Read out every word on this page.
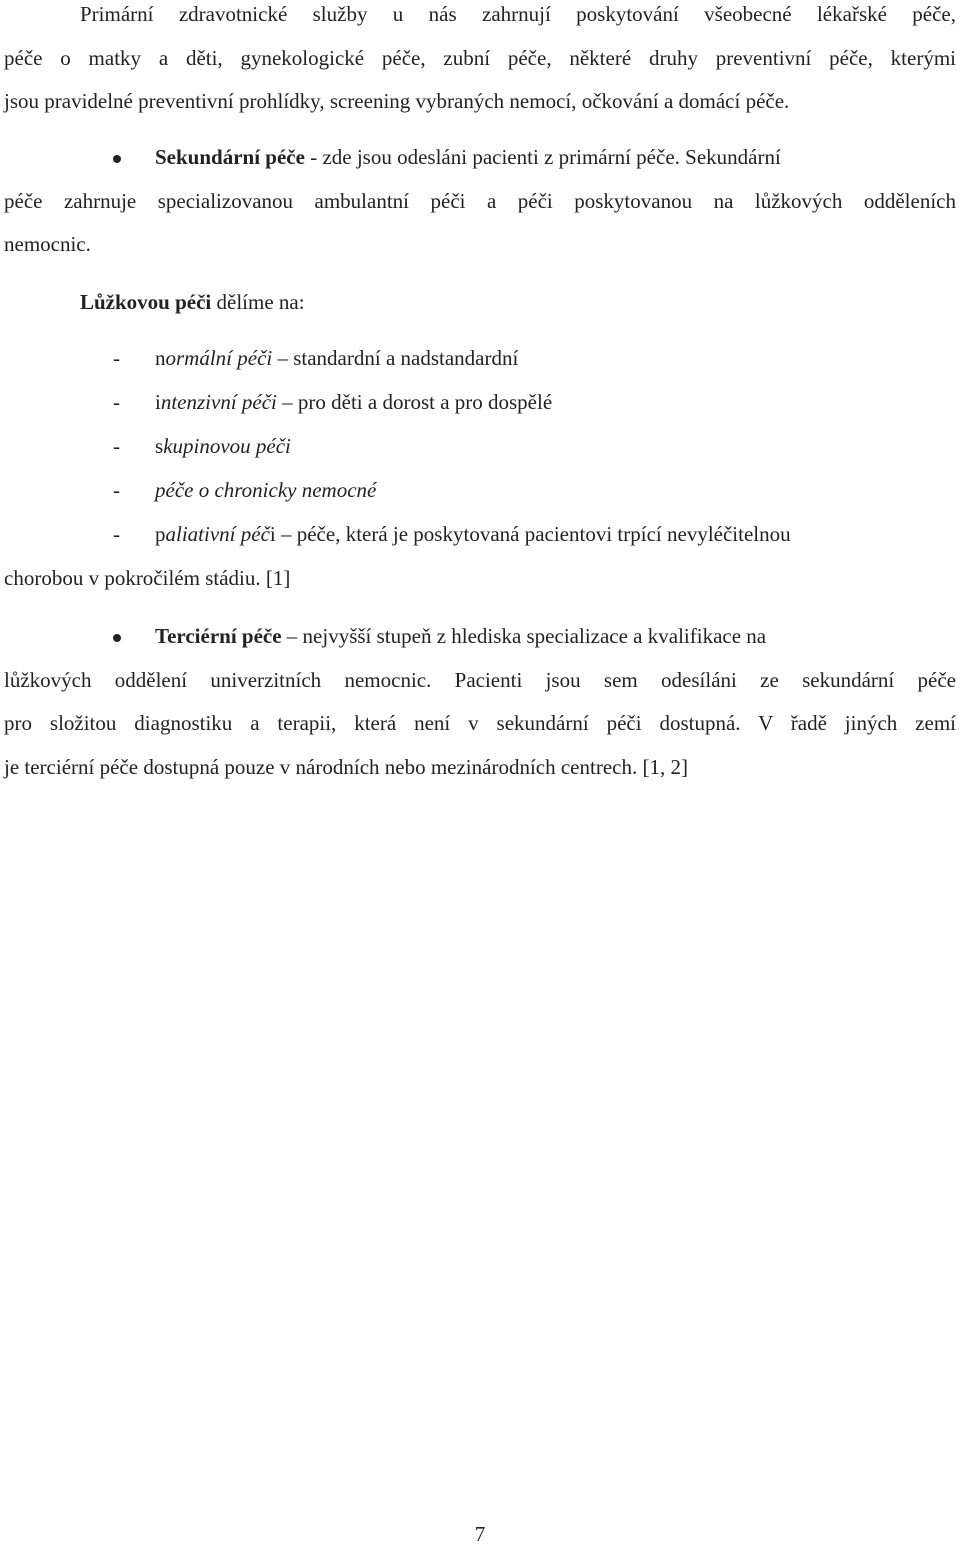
Primární zdravotnické služby u nás zahrnují poskytování všeobecné lékařské péče,
péče o matky a děti, gynekologické péče, zubní péče, některé druhy preventivní péče, kterými
jsou pravidelné preventivní prohlídky, screening vybraných nemocí, očkování a domácí péče.
Sekundární péče - zde jsou odesláni pacienti z primární péče. Sekundární
péče zahrnuje specializovanou ambulantní péči a péči poskytovanou na lůžkových odděleních
nemocnic.
Lůžkovou péči dělíme na:
- normální péči – standardní a nadstandardní
- intenzivní péči – pro děti a dorost a pro dospělé
- skupinovou péči
- péče o chronicky nemocné
- paliativní péči – péče, která je poskytovaná pacientovi trpící nevyléčitelnou
chorobou v pokročilém stádiu. [1]
Terciérní péče – nejvyšší stupeň z hlediska specializace a kvalifikace na
lůžkových oddělení univerzitních nemocnic. Pacienti jsou sem odesíláni ze sekundární péče
pro složitou diagnostiku a terapii, která není v sekundární péči dostupná. V řadě jiných zemí
je terciérní péče dostupná pouze v národních nebo mezinárodních centrech. [1, 2]
7
